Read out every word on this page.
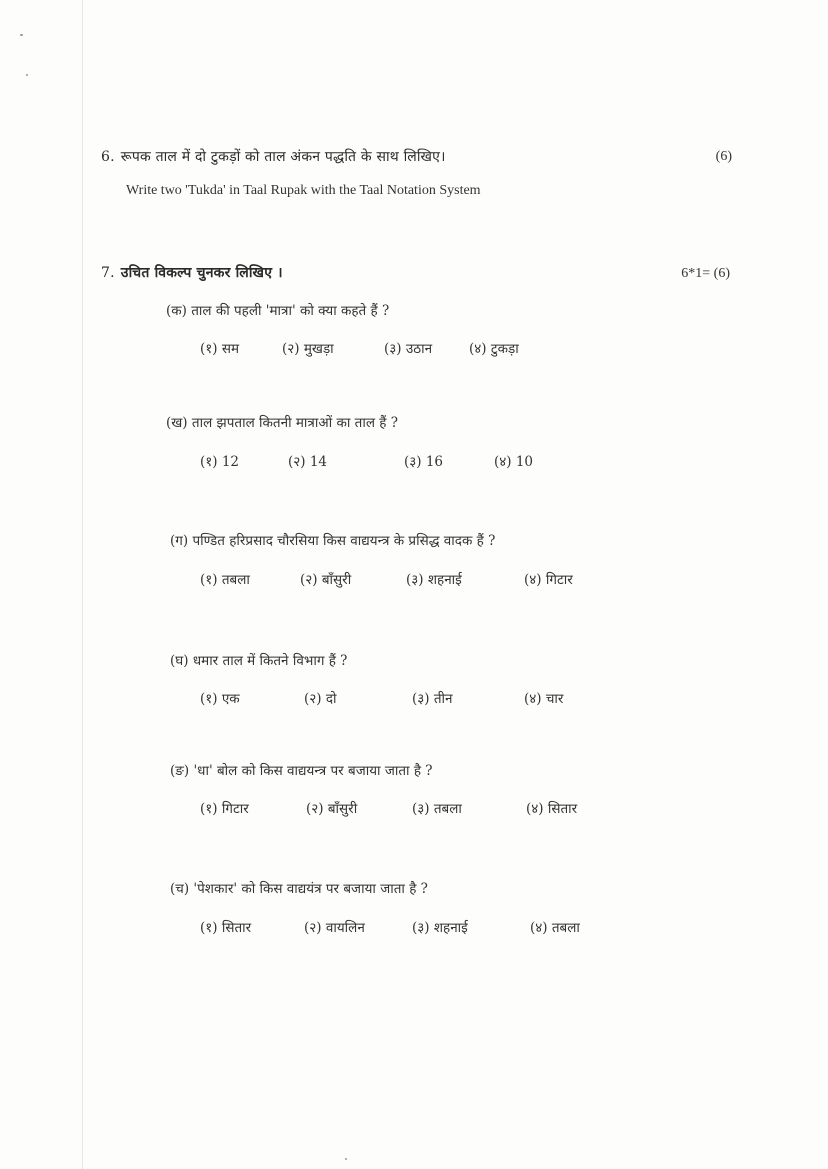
6. रूपक ताल में दो टुकड़ों को ताल अंकन पद्धति के साथ लिखिए।	(6)
Write two 'Tukda' in Taal Rupak with the Taal Notation System
7. उचित विकल्प चुनकर लिखिए ।	6*1= (6)
(क) ताल की पहली 'मात्रा' को क्या कहते हैं ?
(१) सम	(२) मुखड़ा	(३) उठान	(४) टुकड़ा
(ख) ताल झपताल कितनी मात्राओं का ताल हैं ?
(१) 12	(२) 14	(३) 16	(४) 10
(ग) पण्डित हरिप्रसाद चौरसिया किस वाद्ययन्त्र के प्रसिद्ध वादक हैं ?
(१) तबला	(२) बाँसुरी	(३) शहनाई	(४) गिटार
(घ) धमार ताल में कितने विभाग हैं ?
(१) एक	(२) दो	(३) तीन	(४) चार
(ङ) 'धा' बोल को किस वाद्ययन्त्र पर बजाया जाता है ?
(१) गिटार	(२) बाँसुरी	(३) तबला	(४) सितार
(च) 'पेशकार' को किस वाद्ययंत्र पर बजाया जाता है ?
(१) सितार	(२) वायलिन	(३) शहनाई	(४) तबला
